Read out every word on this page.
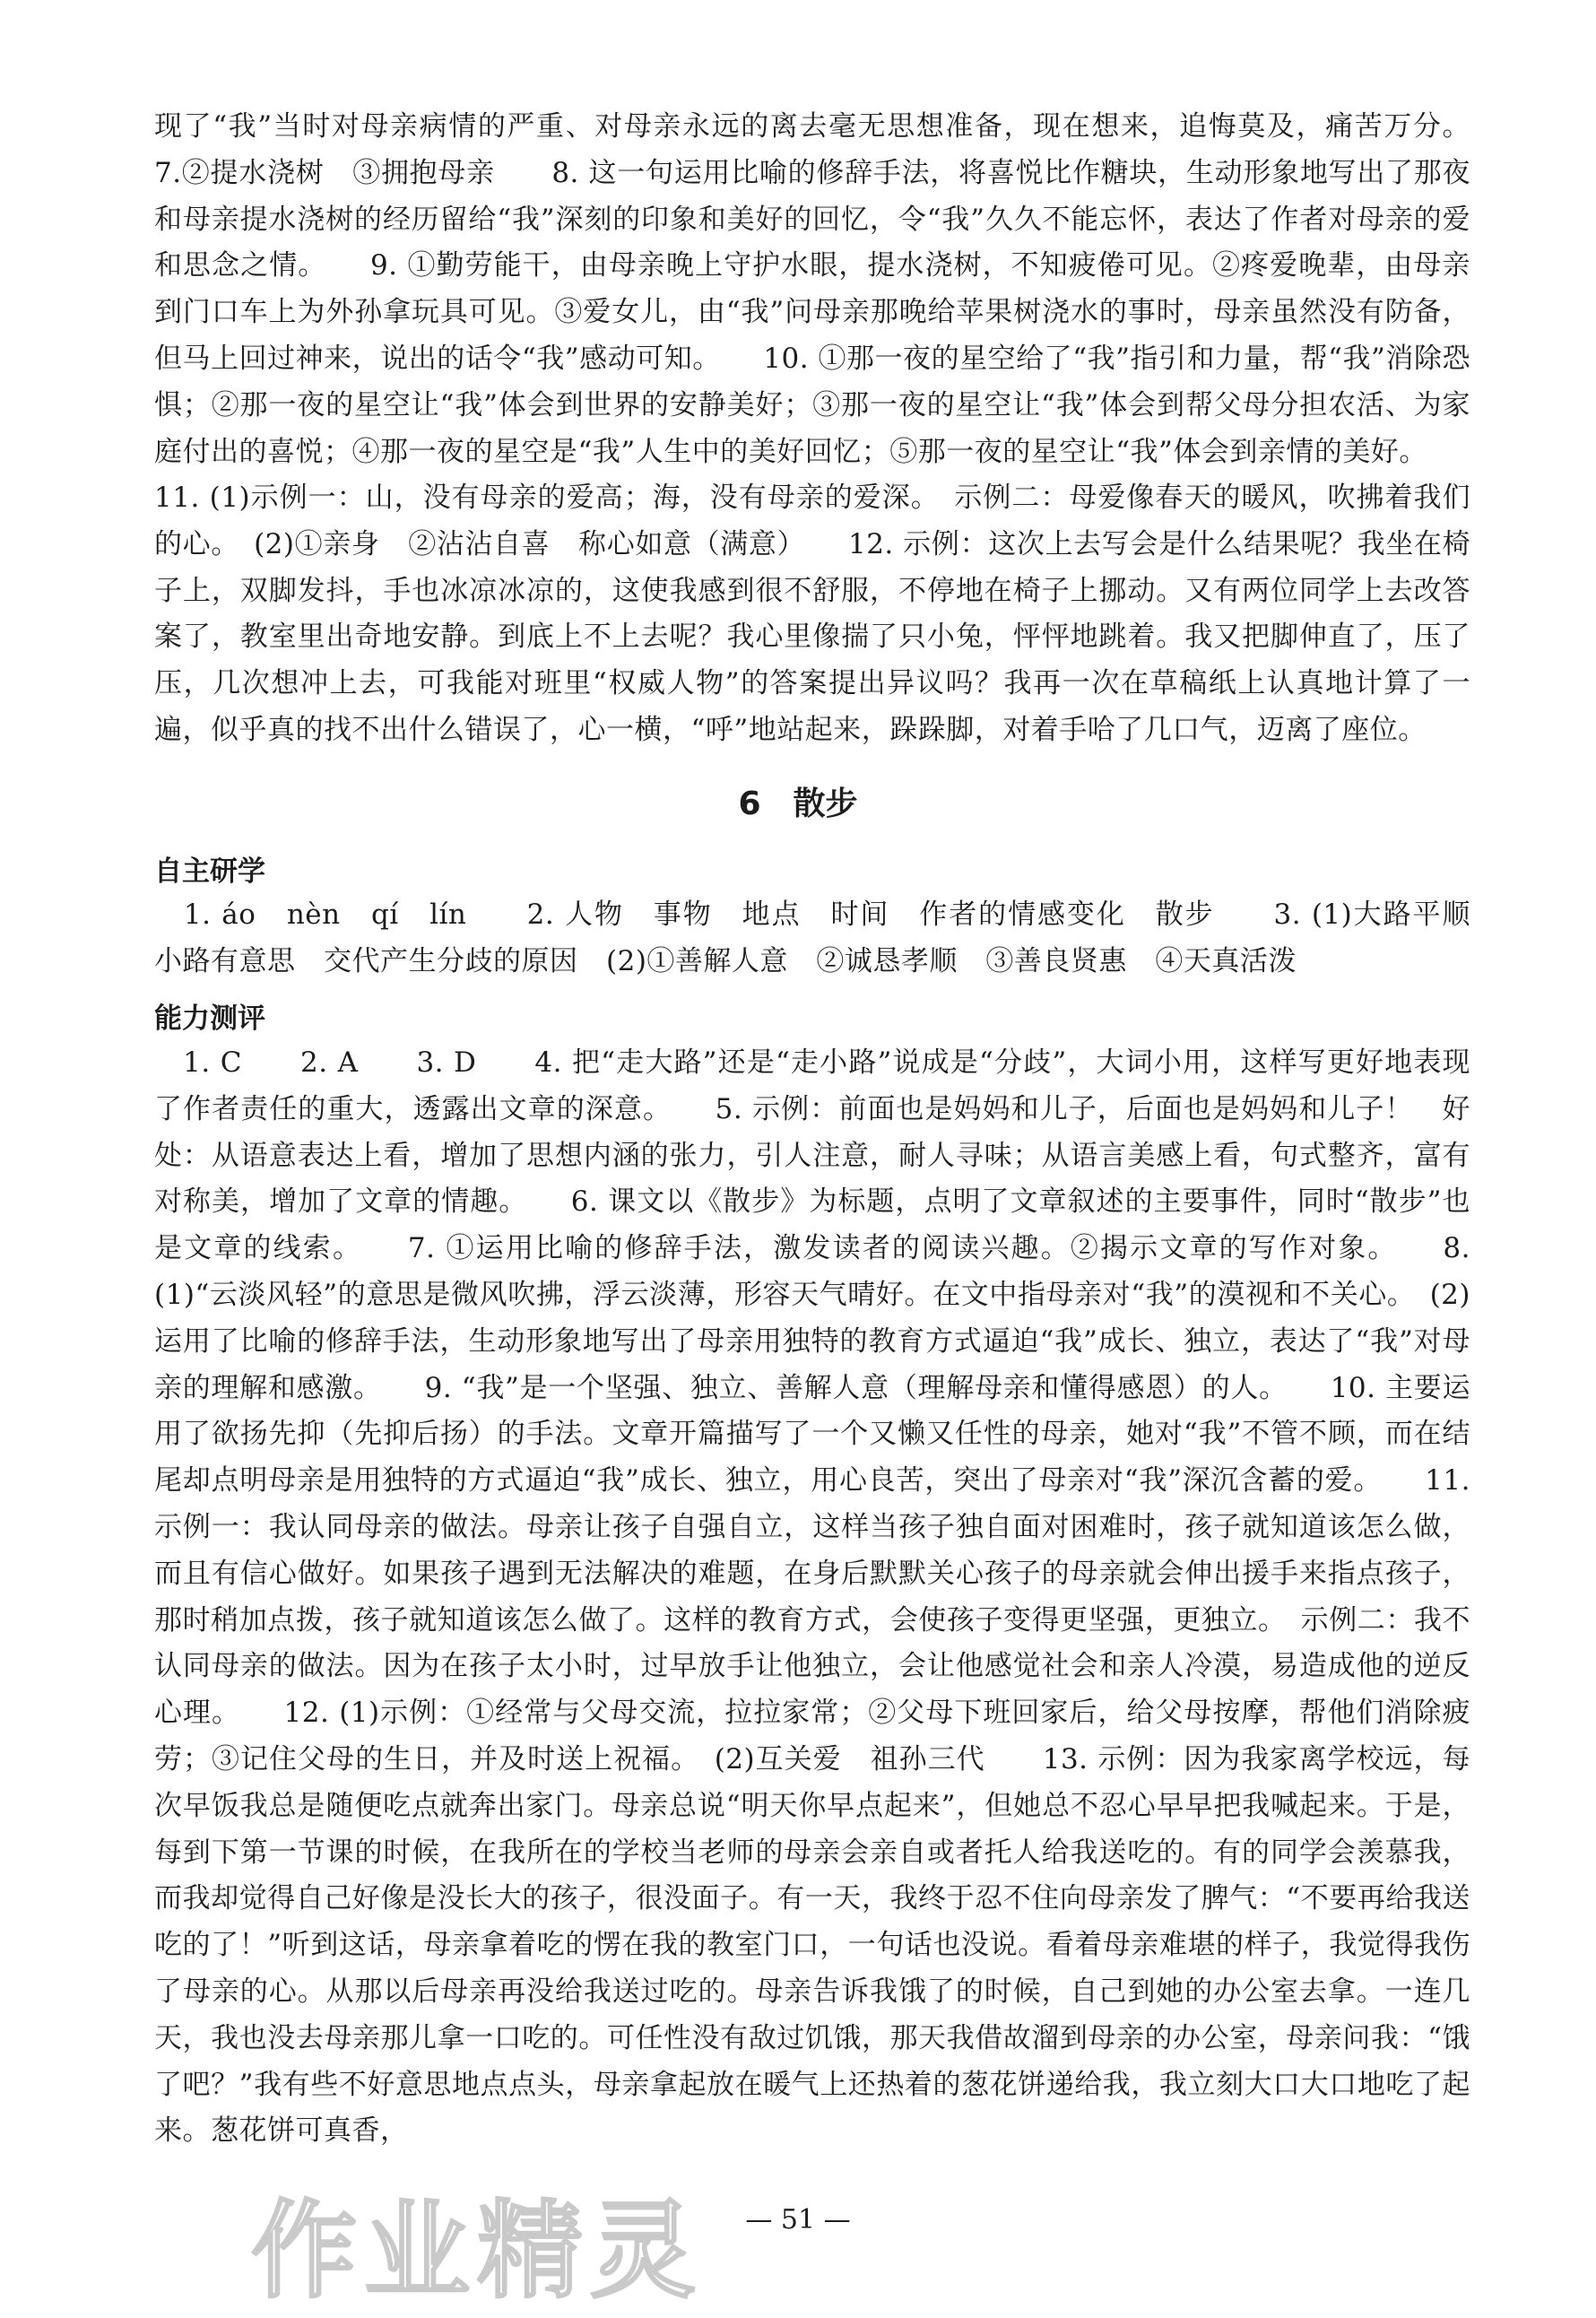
现了“我”当时对母亲病情的严重、对母亲永远的离去毫无思想准备，现在想来，追悔莫及，痛苦万分。 7.②提水浇树　③拥抱母亲　　8. 这一句运用比喻的修辞手法，将喜悦比作糖块，生动形象地写出了那夜和母亲提水浇树的经历留给“我”深刻的印象和美好的回忆，令“我”久久不能忘怀，表达了作者对母亲的爱和思念之情。　　9. ①勤劳能干，由母亲晚上守护水眼，提水浇树，不知疲倦可见。②疼爱晚辈，由母亲到门口车上为外孙拿玩具可见。③爱女儿，由“我”问母亲那晚给苹果树浇水的事时，母亲虽然没有防备，但马上回过神来，说出的话令“我”感动可知。　　10. ①那一夜的星空给了“我”指引和力量，帮“我”消除恐惧；②那一夜的星空让“我”体会到世界的安静美好；③那一夜的星空让“我”体会到帮父母分担农活、为家庭付出的喜悦；④那一夜的星空是“我”人生中的美好回忆；⑤那一夜的星空让“我”体会到亲情的美好。
11. (1)示例一：山，没有母亲的爱高；海，没有母亲的爱深。　示例二：母爱像春天的暖风，吹拂着我们的心。　(2)①亲身　②沾沾自喜　称心如意（满意）　　12. 示例：这次上去写会是什么结果呢？我坐在椅子上，双脚发抖，手也冰凉冰凉的，这使我感到很不舒服，不停地在椅子上挪动。又有两位同学上去改答案了，教室里出奇地安静。到底上不上去呢？我心里像揣了只小兔，怦怦地跳着。我又把脚伸直了，压了压，几次想冲上去，可我能对班里“权威人物”的答案提出异议吗？我再一次在草稿纸上认真地计算了一遍，似乎真的找不出什么错误了，心一横，“呼”地站起来，跺跺脚，对着手哈了几口气，迈离了座位。
6　散步
自主研学
　1. áo　nèn　qí　lín　　2. 人物　事物　地点　时间　作者的情感变化　散步　　3. (1)大路平顺　小路有意思　交代产生分歧的原因　(2)①善解人意　②诚恳孝顺　③善良贤惠　④天真活泼
能力测评
　1. C　　2. A　　3. D　　4. 把“走大路”还是“走小路”说成是“分歧”，大词小用，这样写更好地表现了作者责任的重大，透露出文章的深意。　　5. 示例：前面也是妈妈和儿子，后面也是妈妈和儿子！　好处：从语意表达上看，增加了思想内涵的张力，引人注意，耐人寻味；从语言美感上看，句式整齐，富有对称美，增加了文章的情趣。　　6. 课文以《散步》为标题，点明了文章叙述的主要事件，同时“散步”也是文章的线索。　　7. ①运用比喻的修辞手法，激发读者的阅读兴趣。②揭示文章的写作对象。　　8. (1)“云淡风轻”的意思是微风吹拂，浮云淡薄，形容天气晴好。在文中指母亲对“我”的漠视和不关心。　(2)运用了比喻的修辞手法，生动形象地写出了母亲用独特的教育方式逼迫“我”成长、独立，表达了“我”对母亲的理解和感激。　　9. “我”是一个坚强、独立、善解人意（理解母亲和懂得感恩）的人。　　10. 主要运用了欲扬先抑（先抑后扬）的手法。文章开篇描写了一个又懒又任性的母亲，她对“我”不管不顾，而在结尾却点明母亲是用独特的方式逼迫“我”成长、独立，用心良苦，突出了母亲对“我”深沉含蓄的爱。　　11. 示例一：我认同母亲的做法。母亲让孩子自强自立，这样当孩子独自面对困难时，孩子就知道该怎么做，而且有信心做好。如果孩子遇到无法解决的难题，在身后默默关心孩子的母亲就会伸出援手来指点孩子，那时稍加点拨，孩子就知道该怎么做了。这样的教育方式，会使孩子变得更坚强，更独立。　示例二：我不认同母亲的做法。因为在孩子太小时，过早放手让他独立，会让他感觉社会和亲人冷漠，易造成他的逆反心理。　　12. (1)示例：①经常与父母交流，拉拉家常；②父母下班回家后，给父母按摩，帮他们消除疲劳；③记住父母的生日，并及时送上祝福。　(2)互关爱　祖孙三代　　13. 示例：因为我家离学校远，每次早饭我总是随便吃点就奔出家门。母亲总说“明天你早点起来”，但她总不忍心早早把我喊起来。于是，每到下第一节课的时候，在我所在的学校当老师的母亲会亲自或者托人给我送吃的。有的同学会羡慕我，而我却觉得自己好像是没长大的孩子，很没面子。有一天，我终于忍不住向母亲发了脾气：“不要再给我送吃的了！”听到这话，母亲拿着吃的愣在我的教室门口，一句话也没说。看着母亲难堪的样子，我觉得我伤了母亲的心。从那以后母亲再没给我送过吃的。母亲告诉我饿了的时候，自己到她的办公室去拿。一连几天，我也没去母亲那儿拿一口吃的。可任性没有敌过饥饿，那天我借故溜到母亲的办公室，母亲问我：“饿了吧？”我有些不好意思地点点头，母亲拿起放在暖气上还热着的葱花饼递给我，我立刻大口大口地吃了起来。葱花饼可真香，
— 51 —
作业精灵
